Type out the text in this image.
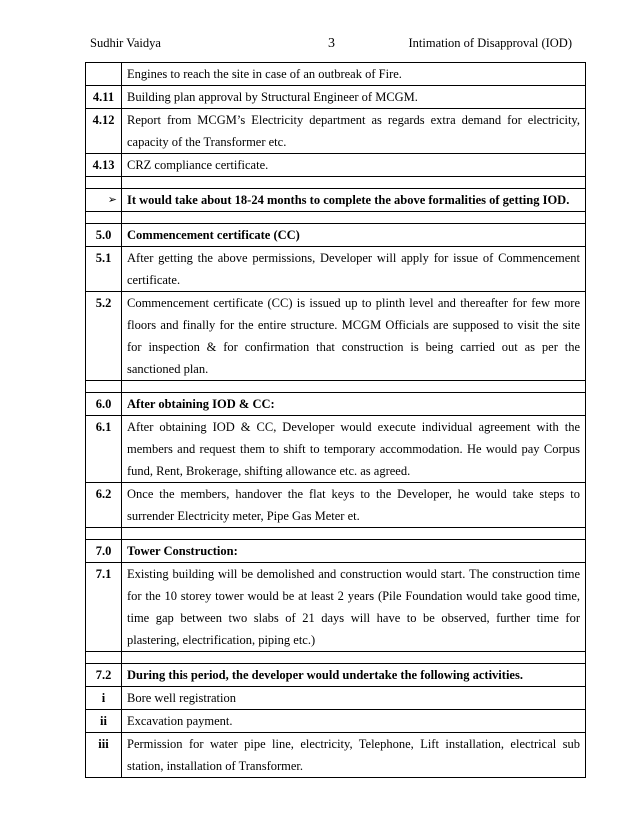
Sudhir Vaidya	3	Intimation of Disapproval (IOD)
	Engines to reach the site in case of an outbreak of Fire.
4.11	Building plan approval by Structural Engineer of MCGM.
4.12	Report from MCGM’s Electricity department as regards extra demand for electricity, capacity of the Transformer etc.
4.13	CRZ compliance certificate.

➢	It would take about 18-24 months to complete the above formalities of getting IOD.

5.0	Commencement certificate (CC)
5.1	After getting the above permissions, Developer will apply for issue of Commencement certificate.
5.2	Commencement certificate (CC) is issued up to plinth level and thereafter for few more floors and finally for the entire structure. MCGM Officials are supposed to visit the site for inspection & for confirmation that construction is being carried out as per the sanctioned plan.

6.0	After obtaining IOD & CC:
6.1	After obtaining IOD & CC, Developer would execute individual agreement with the members and request them to shift to temporary accommodation. He would pay Corpus fund, Rent, Brokerage, shifting allowance etc. as agreed.
6.2	Once the members, handover the flat keys to the Developer, he would take steps to surrender Electricity meter, Pipe Gas Meter et.

7.0	Tower Construction:
7.1	Existing building will be demolished and construction would start. The construction time for the 10 storey tower would be at least 2 years (Pile Foundation would take good time, time gap between two slabs of 21 days will have to be observed, further time for plastering, electrification, piping etc.)

7.2	During this period, the developer would undertake the following activities.
i	Bore well registration
ii	Excavation payment.
iii	Permission for water pipe line, electricity, Telephone, Lift installation, electrical sub station, installation of Transformer.
